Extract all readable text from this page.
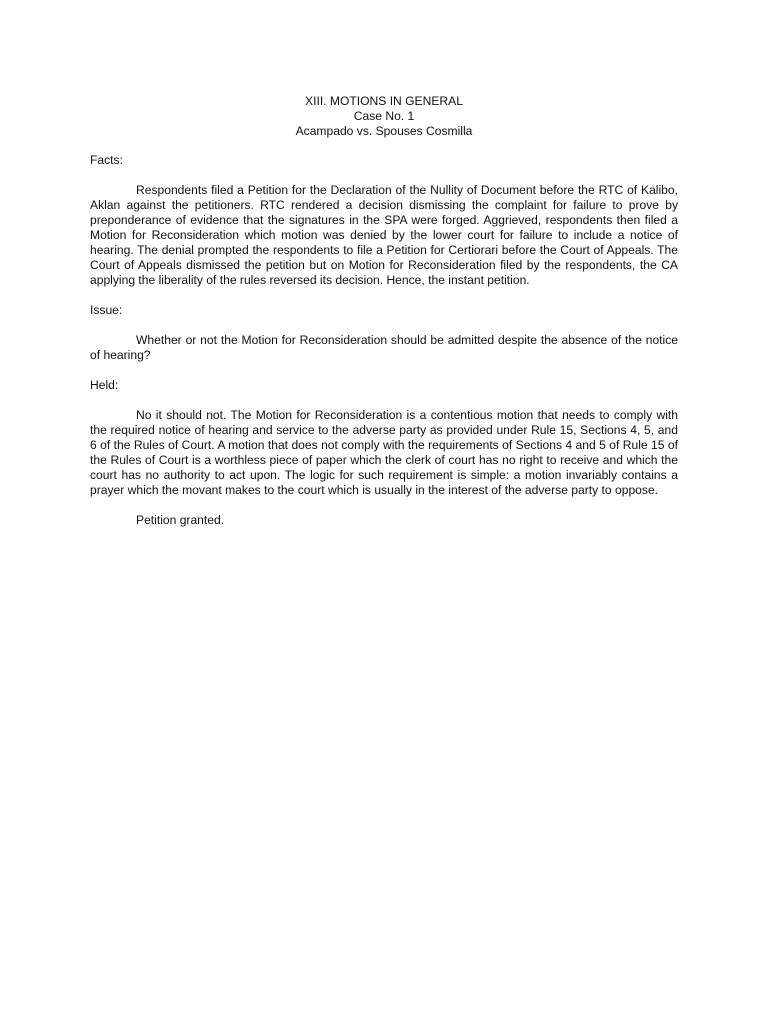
XIII. MOTIONS IN GENERAL
Case No. 1
Acampado vs. Spouses Cosmilla
Facts:
Respondents filed a Petition for the Declaration of the Nullity of Document before the RTC of Kalibo, Aklan against the petitioners. RTC rendered a decision dismissing the complaint for failure to prove by preponderance of evidence that the signatures in the SPA were forged. Aggrieved, respondents then filed a Motion for Reconsideration which motion was denied by the lower court for failure to include a notice of hearing. The denial prompted the respondents to file a Petition for Certiorari before the Court of Appeals. The Court of Appeals dismissed the petition but on Motion for Reconsideration filed by the respondents, the CA applying the liberality of the rules reversed its decision. Hence, the instant petition.
Issue:
Whether or not the Motion for Reconsideration should be admitted despite the absence of the notice of hearing?
Held:
No it should not. The Motion for Reconsideration is a contentious motion that needs to comply with the required notice of hearing and service to the adverse party as provided under Rule 15, Sections 4, 5, and 6 of the Rules of Court. A motion that does not comply with the requirements of Sections 4 and 5 of Rule 15 of the Rules of Court is a worthless piece of paper which the clerk of court has no right to receive and which the court has no authority to act upon. The logic for such requirement is simple: a motion invariably contains a prayer which the movant makes to the court which is usually in the interest of the adverse party to oppose.
Petition granted.
